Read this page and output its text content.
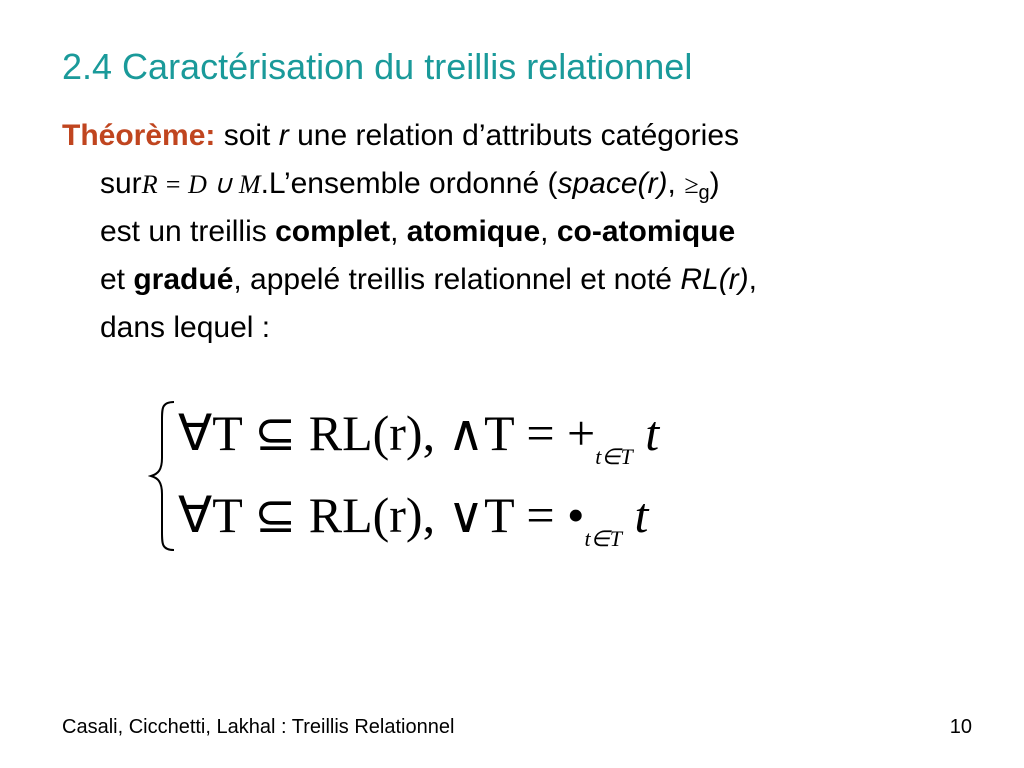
2.4 Caractérisation du treillis relationnel
Théorème: soit r une relation d’attributs catégories
surR = D ∪ M.L’ensemble ordonné (space(r), $\ge_g$)
est un treillis complet, atomique, co-atomique
et gradué, appelé treillis relationnel et noté RL(r),
dans lequel :
∀T ⊆ RL(r), ∧T = $+_{t\in T}$ t
∀T ⊆ RL(r), ∨T = $•_{t\in T}$ t
Casali, Cicchetti, Lakhal : Treillis Relationnel	10
